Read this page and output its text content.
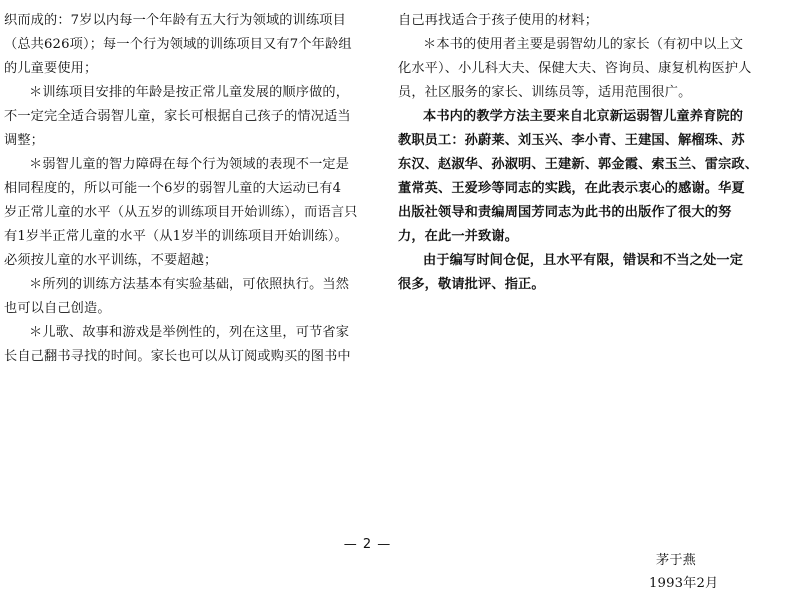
织而成的：7岁以内每一个年龄有五大行为领域的训练项目
（总共626项）；每一个行为领域的训练项目又有7个年龄组
的儿童要使用；
＊训练项目安排的年龄是按正常儿童发展的顺序做的，
不一定完全适合弱智儿童，家长可根据自己孩子的情况适当
调整；
＊弱智儿童的智力障碍在每个行为领域的表现不一定是
相同程度的，所以可能一个6岁的弱智儿童的大运动已有4
岁正常儿童的水平（从五岁的训练项目开始训练），而语言只
有1岁半正常儿童的水平（从1岁半的训练项目开始训练）。
必须按儿童的水平训练，不要超越；
＊所列的训练方法基本有实验基础，可依照执行。当然
也可以自己创造。
＊儿歌、故事和游戏是举例性的，列在这里，可节省家
长自己翻书寻找的时间。家长也可以从订阅或购买的图书中
自己再找适合于孩子使用的材料；
＊本书的使用者主要是弱智幼儿的家长（有初中以上文
化水平）、小儿科大夫、保健大夫、咨询员、康复机构医护人
员，社区服务的家长、训练员等，适用范围很广。
本书内的教学方法主要来自北京新运弱智儿童养育院的
教职员工：孙蔚莱、刘玉兴、李小青、王建国、解榴珠、苏
东汉、赵淑华、孙淑明、王建新、郭金霞、索玉兰、雷宗政、
董常英、王爱珍等同志的实践，在此表示衷心的感谢。华夏
出版社领导和责编周国芳同志为此书的出版作了很大的努
力，在此一并致谢。
由于编写时间仓促，且水平有限，错误和不当之处一定
很多，敬请批评、指正。
茅于燕
1993年2月
— 2 —
